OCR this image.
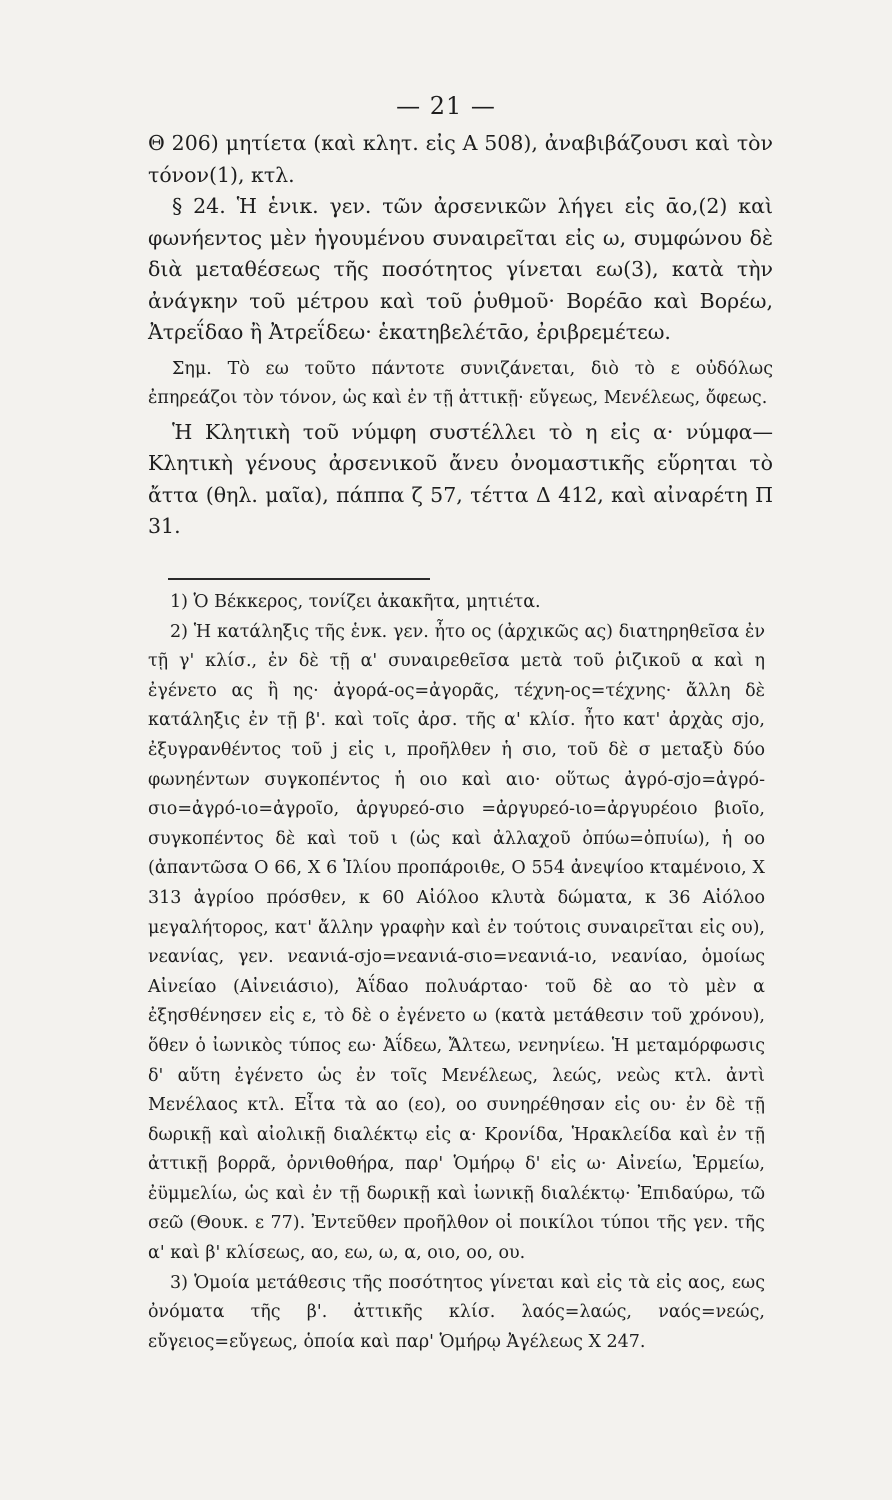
— 21 —

Θ 206) μητίετα (καὶ κλητ. εἰς Α 508), ἀναβιβάζουσι καὶ τὸν τόνον(1), κτλ.

§ 24. Ἡ ἑνικ. γεν. τῶν ἀρσενικῶν λήγει εἰς ᾱο,(2) καὶ φωνήεντος μὲν ἡγουμένου συναιρεῖται εἰς ω, συμφώνου δὲ διὰ μεταθέσεως τῆς ποσότητος γίνεται εω(3), κατὰ τὴν ἀνάγκην τοῦ μέτρου καὶ τοῦ ῥυθμοῦ· Βορέᾱο καὶ Βορέω, Ἀτρεΐδαο ἢ Ἀτρεΐδεω· ἑκατηβελέτᾱο, ἐριβρεμέτεω.

Σημ. Τὸ εω τοῦτο πάντοτε συνιζάνεται, διὸ τὸ ε οὐδόλως ἐπηρεάζοι τὸν τόνον, ὡς καὶ ἐν τῇ ἀττικῇ· εὔγεως, Μενέλεως, ὄφεως.

Ἡ Κλητικὴ τοῦ νύμφη συστέλλει τὸ η εἰς α· νύμφα—Κλητικὴ γένους ἀρσενικοῦ ἄνευ ὀνομαστικῆς εὕρηται τὸ ἄττα (θηλ. μαῖα), πάππα ζ 57, τέττα Δ 412, καὶ αἰναρέτη Π 31.

1) Ὁ Βέκκερος, τονίζει ἀκακῆτα, μητιέτα.

2) Ἡ κατάληξις τῆς ἑνκ. γεν. ἦτο ος (ἀρχικῶς ας) διατηρηθεῖσα ἐν τῇ γ' κλίσ., ἐν δὲ τῇ α' συναιρεθεῖσα μετὰ τοῦ ῥιζικοῦ α καὶ η ἐγένετο ας ἢ ης· ἀγορά-ος=ἀγορᾶς, τέχνη-ος=τέχνης· ἄλλη δὲ κατάληξις ἐν τῇ β'. καὶ τοῖς ἀρσ. τῆς α' κλίσ. ἦτο κατ' ἀρχὰς σjο, ἐξυγρανθέντος τοῦ j εἰς ι, προῆλθεν ἡ σιο, τοῦ δὲ σ μεταξὺ δύο φωνηέντων συγκοπέντος ἡ οιο καὶ αιο· οὕτως ἀγρό-σjο=ἀγρό-σιο=ἀγρό-ιο=ἀγροῖο, ἀργυρεό-σιο =ἀργυρεό-ιο=ἀργυρέοιο βιοῖο, συγκοπέντος δὲ καὶ τοῦ ι (ὡς καὶ ἀλλαχοῦ ὀπύω=ὀπυίω), ἡ οο (ἀπαντῶσα Ο 66, Χ 6 Ἰλίου προπάροιθε, Ο 554 ἀνεψίοο κταμένοιο, Χ 313 ἀγρίοο πρόσθεν, κ 60 Αἰόλοο κλυτὰ δώματα, κ 36 Αἰόλοο μεγαλήτορος, κατ' ἄλλην γραφὴν καὶ ἐν τούτοις συναιρεῖται εἰς ου), νεανίας, γεν. νεανιά-σjο=νεανιά-σιο=νεανιά-ιο, νεανίαο, ὁμοίως Αἰνείαο (Αἰνειάσιο), Ἀΐδαο πολυάρταο· τοῦ δὲ αο τὸ μὲν α ἐξησθένησεν εἰς ε, τὸ δὲ ο ἐγένετο ω (κατὰ μετάθεσιν τοῦ χρόνου), ὅθεν ὁ ἰωνικὸς τύπος εω· Ἀΐδεω, Ἄλτεω, νενηνίεω. Ἡ μεταμόρφωσις δ' αὕτη ἐγένετο ὡς ἐν τοῖς Μενέλεως, λεώς, νεὼς κτλ. ἀντὶ Μενέλαος κτλ. Εἶτα τὰ αο (εο), οο συνηρέθησαν εἰς ου· ἐν δὲ τῇ δωρικῇ καὶ αἰολικῇ διαλέκτῳ εἰς α· Κρονίδα, Ἡρακλείδα καὶ ἐν τῇ ἀττικῇ βορρᾶ, ὀρνιθοθήρα, παρ' Ὁμήρῳ δ' εἰς ω· Αἰνείω, Ἑρμείω, ἐϋμμελίω, ὡς καὶ ἐν τῇ δωρικῇ καὶ ἰωνικῇ διαλέκτῳ· Ἐπιδαύρω, τῶ σεῶ (Θουκ. ε 77). Ἐντεῦθεν προῆλθον οἱ ποικίλοι τύποι τῆς γεν. τῆς α' καὶ β' κλίσεως, αο, εω, ω, α, οιο, οο, ου.

3) Ὁμοία μετάθεσις τῆς ποσότητος γίνεται καὶ εἰς τὰ εἰς αος, εως ὀνόματα τῆς β'. ἀττικῆς κλίσ. λαός=λαώς, ναός=νεώς, εὔγειος=εὔγεως, ὁποία καὶ παρ' Ὁμήρῳ Ἀγέλεως Χ 247.
